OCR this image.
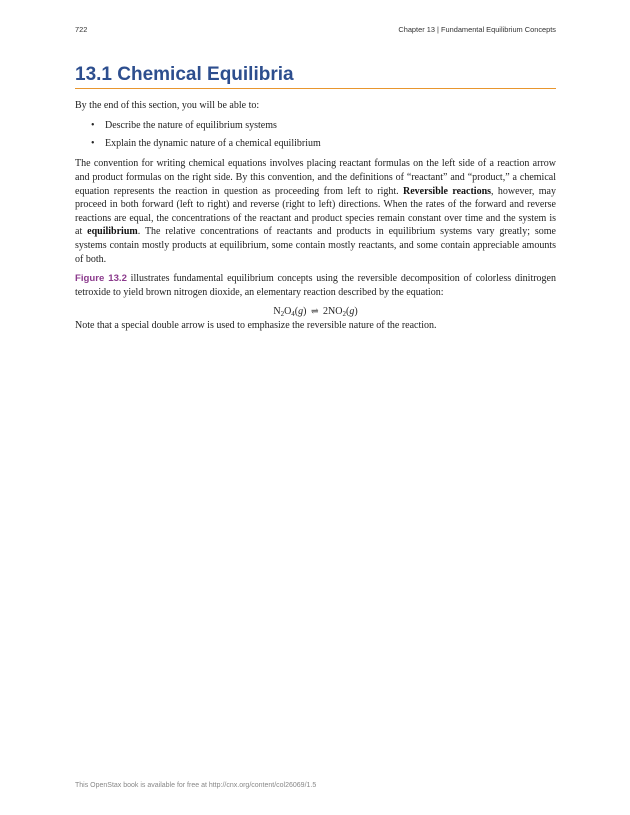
722	Chapter 13 | Fundamental Equilibrium Concepts
13.1 Chemical Equilibria

By the end of this section, you will be able to:

• Describe the nature of equilibrium systems
• Explain the dynamic nature of a chemical equilibrium

The convention for writing chemical equations involves placing reactant formulas on the left side of a reaction arrow and product formulas on the right side. By this convention, and the definitions of “reactant” and “product,” a chemical equation represents the reaction in question as proceeding from left to right. Reversible reactions, however, may proceed in both forward (left to right) and reverse (right to left) directions. When the rates of the forward and reverse reactions are equal, the concentrations of the reactant and product species remain constant over time and the system is at equilibrium. The relative concentrations of reactants and products in equilibrium systems vary greatly; some systems contain mostly products at equilibrium, some contain mostly reactants, and some contain appreciable amounts of both.

Figure 13.2 illustrates fundamental equilibrium concepts using the reversible decomposition of colorless dinitrogen tetroxide to yield brown nitrogen dioxide, an elementary reaction described by the equation:

$N_2O_4(g)$ ⇌ $2NO_2(g)$

Note that a special double arrow is used to emphasize the reversible nature of the reaction.

This OpenStax book is available for free at http://cnx.org/content/col26069/1.5
